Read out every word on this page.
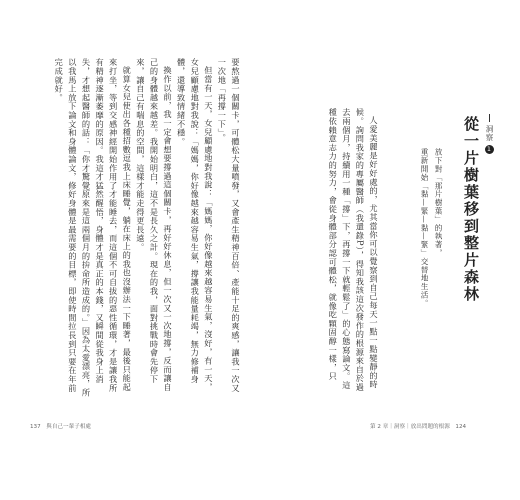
要熬過一個關卡，可體松大量噴發，又會產生精神百倍、產能十足的爽感，讓我一次又一次地「再撐一下」。
但當有一天，女兒顧慮地對我說：「媽媽，你好像越來越容易生氣，沒好，有一天，女兒顧慮地對我說：「媽媽，你好像越來越容易生氣，撐讓我能量耗竭，無力修補身體，還導致情緒不穩。
換作以前，我一定會想要撐過這個關卡，再好好休息，但一次又一次地撐，反而讓自己的身體越來越差。我開始明白，這不是長久之計。現在的我，面對挑戰時會先停下來，讓自己有喘息的空間，這樣才能走得更長遠。
就算女兒使出各種招數逗我上床睡覺，躺在床上的我也沒辦法一下睡著，最後只能起來打坐，等到交感神經開始作用了才能睡去，而這個不可自拔的惡性循環，才是讓我所有精神逐漸萎靡的原因。我這才猛然醒悟，身體才是真正的本錢，又瞬間從我身上消失，才想起醫師的話：「你才驚覺原來是這兩個月的拚命所造成的。」因為太愛漂亮，所以我馬上放下論文和身體論文，修好身體是最需要的目標，即使時間拉長到只要在年前完成就好。
137　與自己一輩子相處
人愛美麗是好好處的，尤其當你可以覺察到自己每天一點一點變靜的時候。詢問我家的專屬醫師（我還錄P），得知我該這次發作的根源來自於過去兩個月，持續用一種「撐」下，再撐一下就輕鬆了」的心態寫論文。這種依賴意志力的努力，會從身體部分認可體松，就像吃顆固醇一樣，只
第 2 章｜洞察｜放出問題的根源　124
洞察
1
從一片樹葉移到整片森林
放下對「那片樹葉」的執著，
重新開始「黏—緊—黏—緊」交替地生活。
